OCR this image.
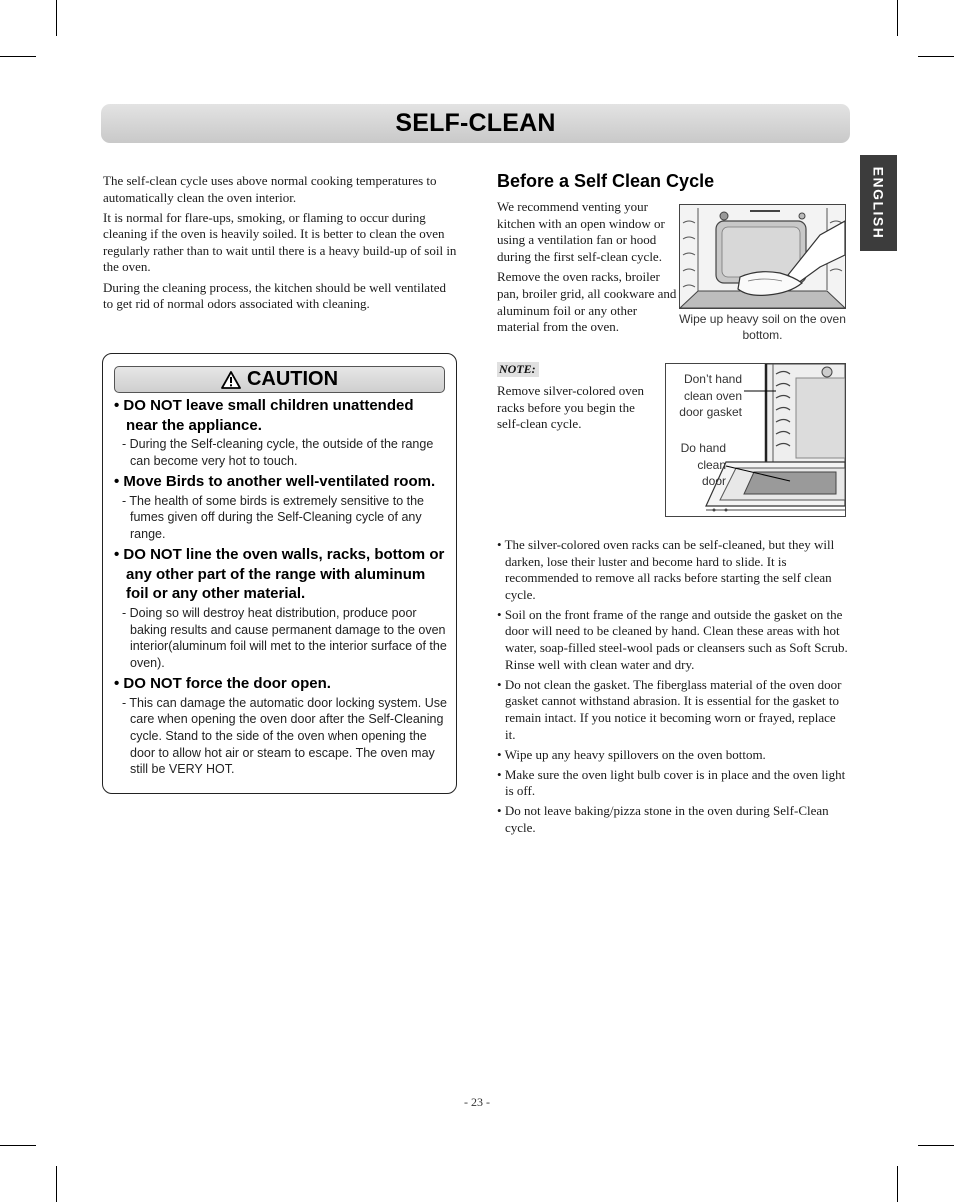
SELF-CLEAN
ENGLISH

The self-clean cycle uses above normal cooking temperatures to automatically clean the oven interior.

It is normal for flare-ups, smoking, or flaming to occur during cleaning if the oven is heavily soiled. It is better to clean the oven regularly rather than to wait until there is a heavy build-up of soil in the oven.

During the cleaning process, the kitchen should be well ventilated to get rid of normal odors associated with cleaning.

CAUTION
• DO NOT leave small children unattended near the appliance.
- During the Self-cleaning cycle, the outside of the range can become very hot to touch.
• Move Birds to another well-ventilated room.
- The health of some birds is extremely sensitive to the fumes given off during the Self-Cleaning cycle of any range.
• DO NOT line the oven walls, racks, bottom or any other part of the range with aluminum foil or any other material.
- Doing so will destroy heat distribution, produce poor baking results and cause permanent damage to the oven interior(aluminum foil will met to the interior surface of the oven).
• DO NOT force the door open.
- This can damage the automatic door locking system. Use care when opening the oven door after the Self-Cleaning cycle. Stand to the side of the oven when opening the door to allow hot air or steam to escape. The oven may still be VERY HOT.
Before a Self Clean Cycle

We recommend venting your kitchen with an open window or using a ventilation fan or hood during the first self-clean cycle.

Remove the oven racks, broiler pan, broiler grid, all cookware and aluminum foil or any other material from the oven.

Wipe up heavy soil on the oven bottom.
NOTE:
Remove silver-colored oven racks before you begin the self-clean cycle.
Don’t hand clean oven door gasket
Do hand clean door
• The silver-colored oven racks can be self-cleaned, but they will darken, lose their luster and become hard to slide. It is recommended to remove all racks before starting the self clean cycle.
• Soil on the front frame of the range and outside the gasket on the door will need to be cleaned by hand. Clean these areas with hot water, soap-filled steel-wool pads or cleansers such as Soft Scrub. Rinse well with clean water and dry.
• Do not clean the gasket. The fiberglass material of the oven door gasket cannot withstand abrasion. It is essential for the gasket to remain intact. If you notice it becoming worn or frayed, replace it.
• Wipe up any heavy spillovers on the oven bottom.
• Make sure the oven light bulb cover is in place and the oven light is off.
• Do not leave baking/pizza stone in the oven during Self-Clean cycle.
- 23 -
